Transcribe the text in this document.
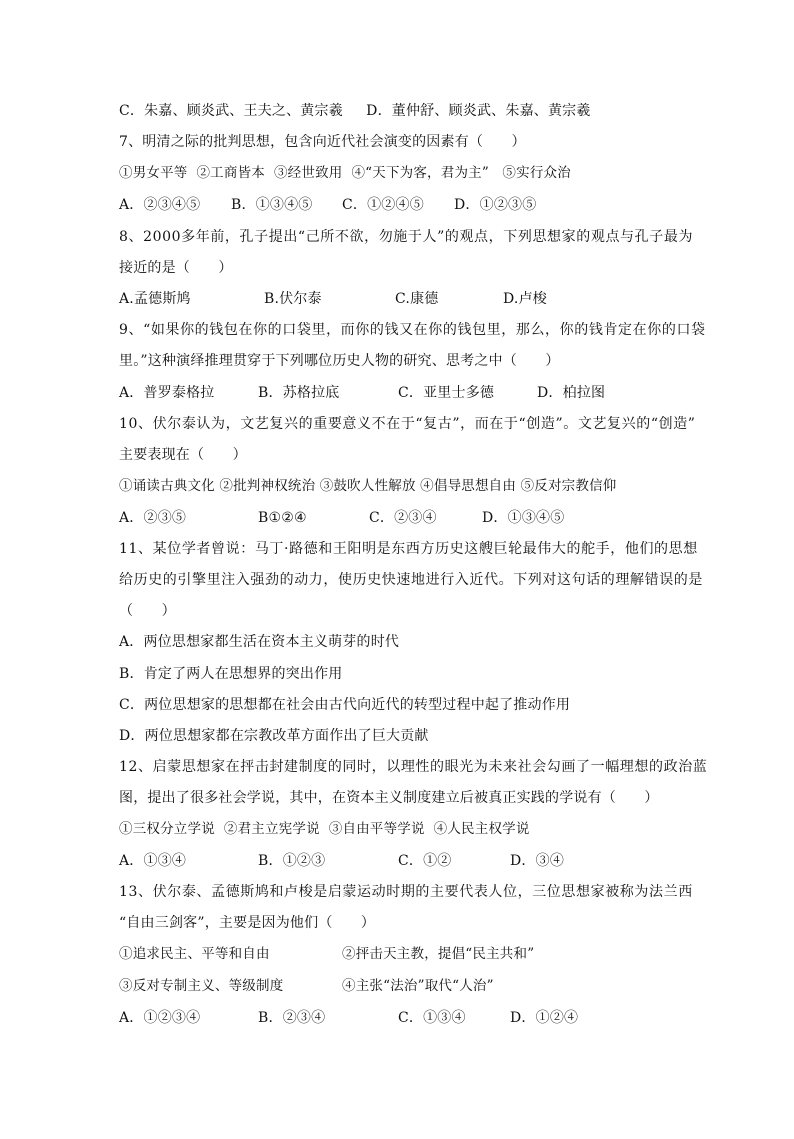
C．朱嘉、顾炎武、王夫之、黄宗羲     D．董仲舒、顾炎武、朱嘉、黄宗羲
7、明清之际的批判思想，包含向近代社会演变的因素有（　　）
①男女平等  ②工商皆本  ③经世致用  ④“天下为客，君为主”   ⑤实行众治

A．②③④⑤

B．①③④⑤

C．①②④⑤

D．①②③⑤

8、2000多年前，孔子提出“己所不欲，勿施于人”的观点，下列思想家的观点与孔子最为
接近的是（　　）

A.孟德斯鸠

	B.伏尔泰

	C.康德

	D.卢梭

9、“如果你的钱包在你的口袋里，而你的钱又在你的钱包里，那么，你的钱肯定在你的口袋
里。”这种演绎推理贯穿于下列哪位历史人物的研究、思考之中（　　）

A．普罗泰格拉

	B．苏格拉底

	C．亚里士多德

	D．柏拉图

10、伏尔泰认为，文艺复兴的重要意义不在于“复古”，而在于“创造”。文艺复兴的“创造”
主要表现在（　　）
①诵读古典文化 ②批判神权统治 ③鼓吹人性解放 ④倡导思想自由 ⑤反对宗教信仰

A．②③⑤

	B①②④

	C．②③④

	D．①③④⑤

11、某位学者曾说：马丁·路德和王阳明是东西方历史这艘巨轮最伟大的舵手，他们的思想
给历史的引擎里注入强劲的动力，使历史快速地进行入近代。下列对这句话的理解错误的是
（　　）
A．两位思想家都生活在资本主义萌芽的时代
B．肯定了两人在思想界的突出作用
C．两位思想家的思想都在社会由古代向近代的转型过程中起了推动作用
D．两位思想家都在宗教改革方面作出了巨大贡献
12、启蒙思想家在抨击封建制度的同时，以理性的眼光为未来社会勾画了一幅理想的政治蓝
图，提出了很多社会学说，其中，在资本主义制度建立后被真正实践的学说有（　　）
①三权分立学说  ②君主立宪学说  ③自由平等学说  ④人民主权学说

A．①③④

	B．①②③

	C．①②

	D．③④

13、伏尔泰、孟德斯鸠和卢梭是启蒙运动时期的主要代表人位，三位思想家被称为法兰西
“自由三剑客”，主要是因为他们（　　）

①追求民主、平等和自由

	②抨击天主教，提倡“民主共和”

③反对专制主义、等级制度

	④主张“法治”取代“人治”

A．①②③④

	B．②③④

	C．①③④

	D．①②④
